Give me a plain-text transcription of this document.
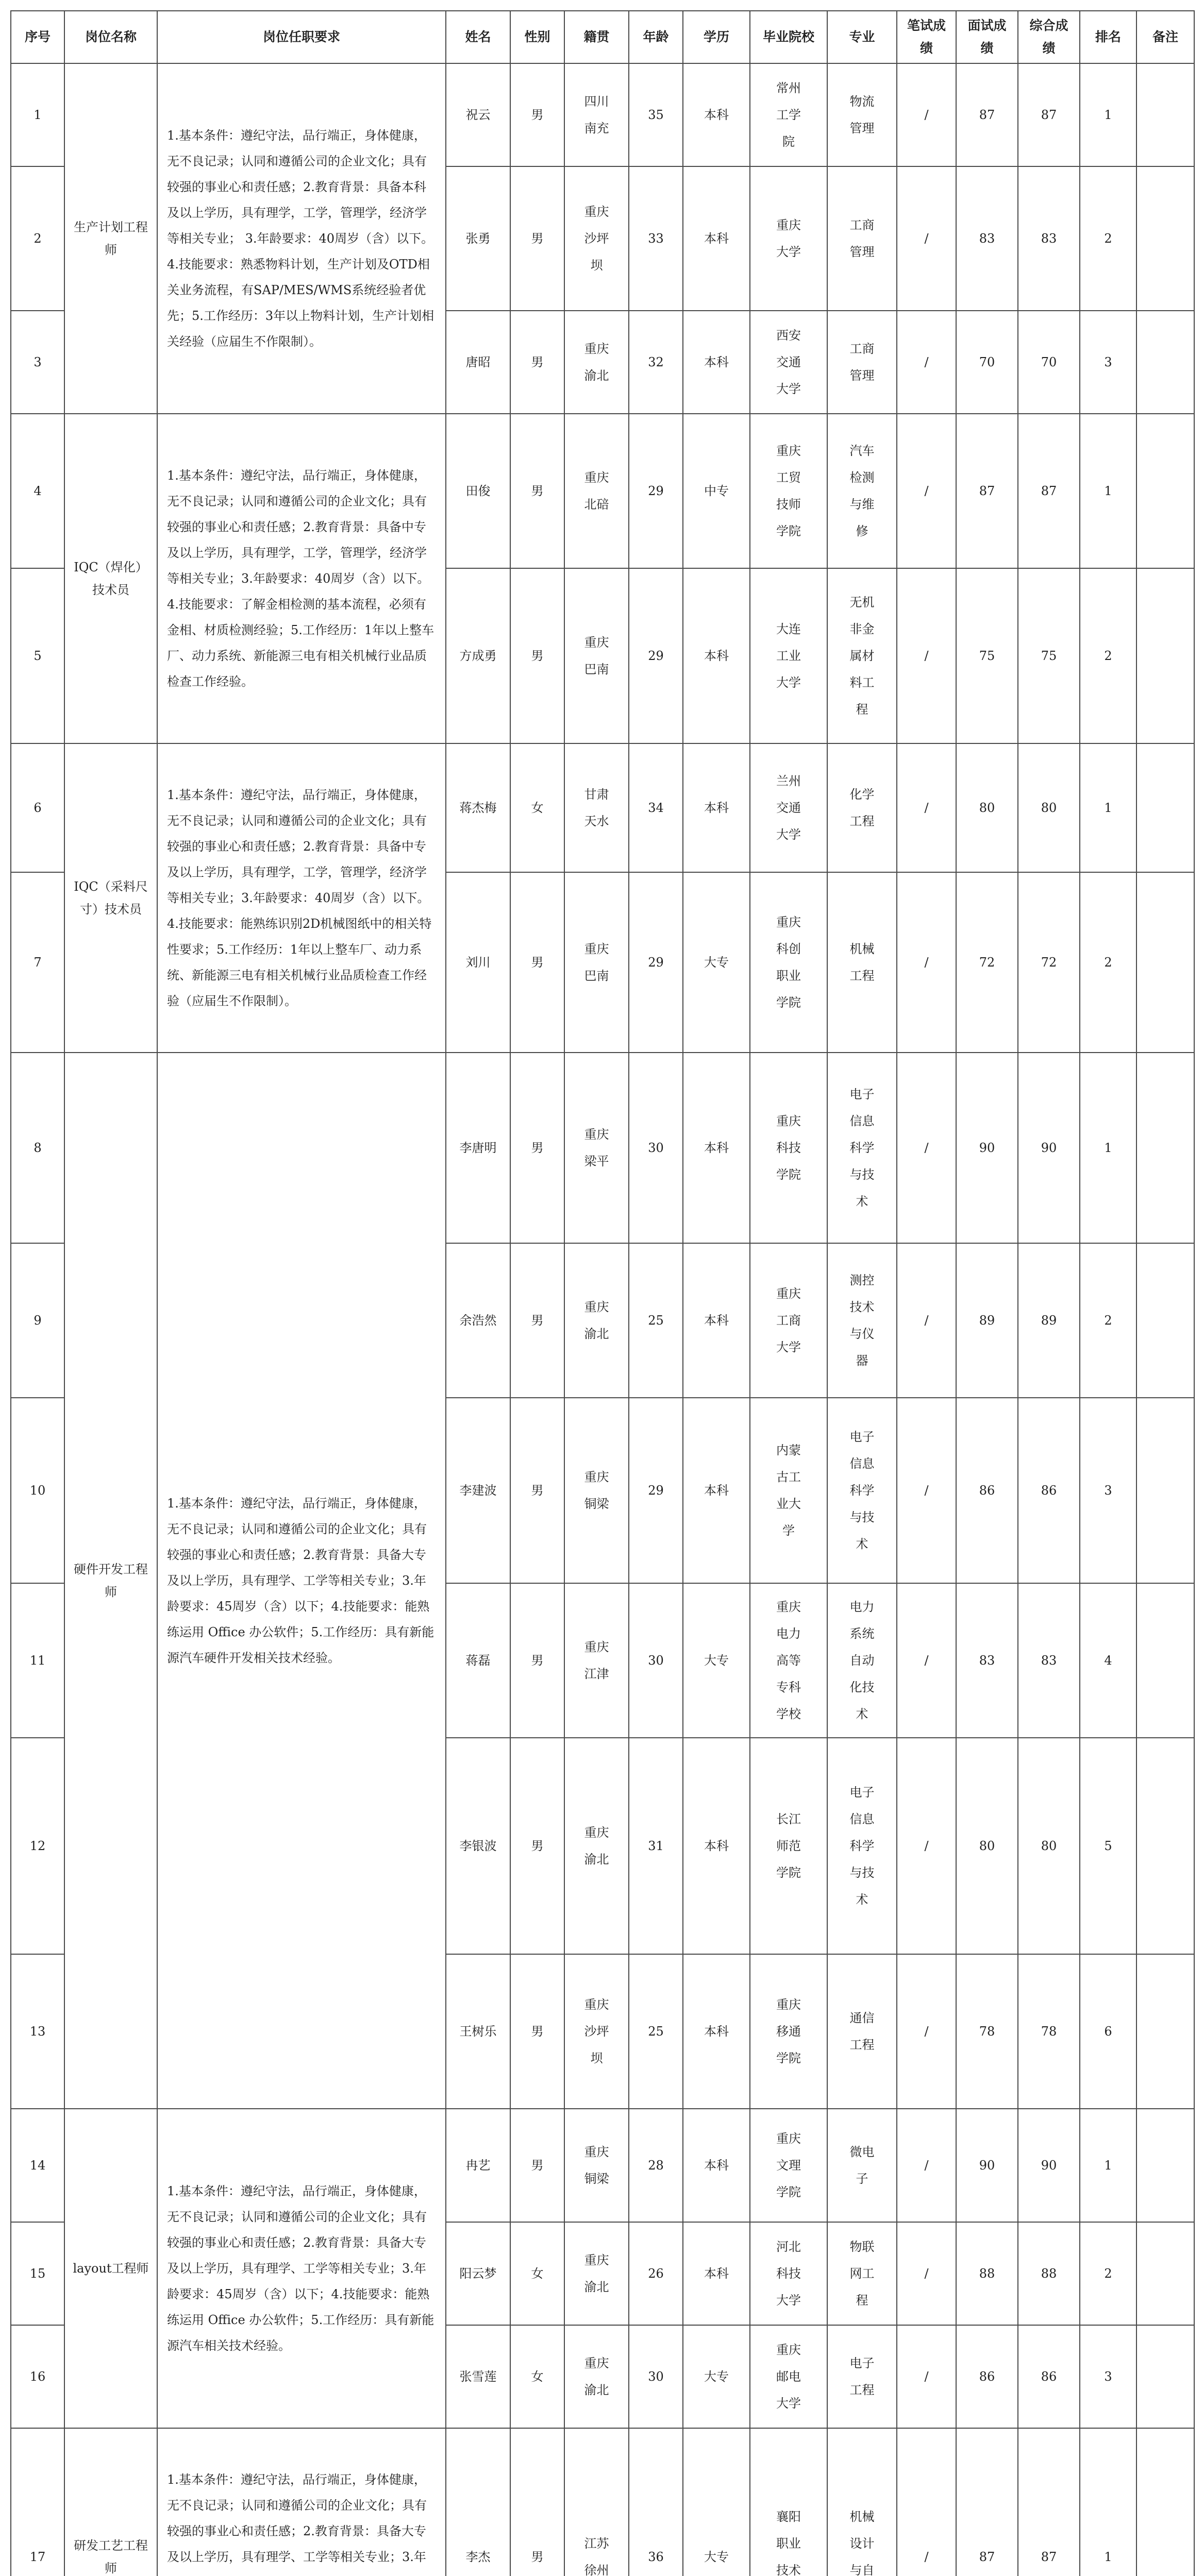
序号	岗位名称	岗位任职要求	姓名	性别	籍贯	年龄	学历	毕业院校	专业	笔试成绩	面试成绩	综合成绩	排名	备注
1	生产计划工程师	1.基本条件：遵纪守法，品行端正，身体健康，无不良记录；认同和遵循公司的企业文化；具有较强的事业心和责任感；2.教育背景：具备本科及以上学历，具有理学，工学，管理学，经济学等相关专业； 3.年龄要求：40周岁（含）以下。4.技能要求：熟悉物料计划，生产计划及OTD相关业务流程，有SAP/MES/WMS系统经验者优先；5.工作经历：3年以上物料计划，生产计划相关经验（应届生不作限制）。	祝云	男	四川南充	35	本科	常州工学院	物流管理	/	87	87	1	
2			张勇	男	重庆沙坪坝	33	本科	重庆大学	工商管理	/	83	83	2	
3			唐昭	男	重庆渝北	32	本科	西安交通大学	工商管理	/	70	70	3	
4	IQC（焊化）技术员	1.基本条件：遵纪守法，品行端正，身体健康，无不良记录；认同和遵循公司的企业文化；具有较强的事业心和责任感；2.教育背景：具备中专及以上学历，具有理学，工学，管理学，经济学等相关专业；3.年龄要求：40周岁（含）以下。4.技能要求：了解金相检测的基本流程，必须有金相、材质检测经验；5.工作经历：1年以上整车厂、动力系统、新能源三电有相关机械行业品质检查工作经验。	田俊	男	重庆北碚	29	中专	重庆工贸技师学院	汽车检测与维修	/	87	87	1	
5			方成勇	男	重庆巴南	29	本科	大连工业大学	无机非金属材料工程	/	75	75	2	
6	IQC（采料尺寸）技术员	1.基本条件：遵纪守法，品行端正，身体健康，无不良记录；认同和遵循公司的企业文化；具有较强的事业心和责任感；2.教育背景：具备中专及以上学历，具有理学，工学，管理学，经济学等相关专业；3.年龄要求：40周岁（含）以下。4.技能要求：能熟练识别2D机械图纸中的相关特性要求；5.工作经历：1年以上整车厂、动力系统、新能源三电有相关机械行业品质检查工作经验（应届生不作限制）。	蒋杰梅	女	甘肃天水	34	本科	兰州交通大学	化学工程	/	80	80	1	
7			刘川	男	重庆巴南	29	大专	重庆科创职业学院	机械工程	/	72	72	2	
8	硬件开发工程师	1.基本条件：遵纪守法，品行端正，身体健康，无不良记录；认同和遵循公司的企业文化；具有较强的事业心和责任感；2.教育背景：具备大专及以上学历，具有理学、工学等相关专业；3.年龄要求：45周岁（含）以下；4.技能要求：能熟练运用 Office 办公软件；5.工作经历：具有新能源汽车硬件开发相关技术经验。	李唐明	男	重庆梁平	30	本科	重庆科技学院	电子信息科学与技术	/	90	90	1	
9			余浩然	男	重庆渝北	25	本科	重庆工商大学	测控技术与仪器	/	89	89	2	
10			李建波	男	重庆铜梁	29	本科	内蒙古工业大学	电子信息科学与技术	/	86	86	3	
11			蒋磊	男	重庆江津	30	大专	重庆电力高等专科学校	电力系统自动化技术	/	83	83	4	
12			李银波	男	重庆渝北	31	本科	长江师范学院	电子信息科学与技术	/	80	80	5	
13			王树乐	男	重庆沙坪坝	25	本科	重庆移通学院	通信工程	/	78	78	6	
14	layout工程师	1.基本条件：遵纪守法，品行端正，身体健康，无不良记录；认同和遵循公司的企业文化；具有较强的事业心和责任感；2.教育背景：具备大专及以上学历，具有理学、工学等相关专业；3.年龄要求：45周岁（含）以下；4.技能要求：能熟练运用 Office 办公软件；5.工作经历：具有新能源汽车相关技术经验。	冉艺	男	重庆铜梁	28	本科	重庆文理学院	微电子	/	90	90	1	
15			阳云梦	女	重庆渝北	26	本科	河北科技大学	物联网工程	/	88	88	2	
16			张雪莲	女	重庆渝北	30	大专	重庆邮电大学	电子工程	/	86	86	3	
17	研发工艺工程师	1.基本条件：遵纪守法，品行端正，身体健康，无不良记录；认同和遵循公司的企业文化；具有较强的事业心和责任感；2.教育背景：具备大专及以上学历，具有理学、工学等相关专业；3.年	李杰	男	江苏徐州	36	大专	襄阳职业技术	机械设计与自	/	87	87	1	
